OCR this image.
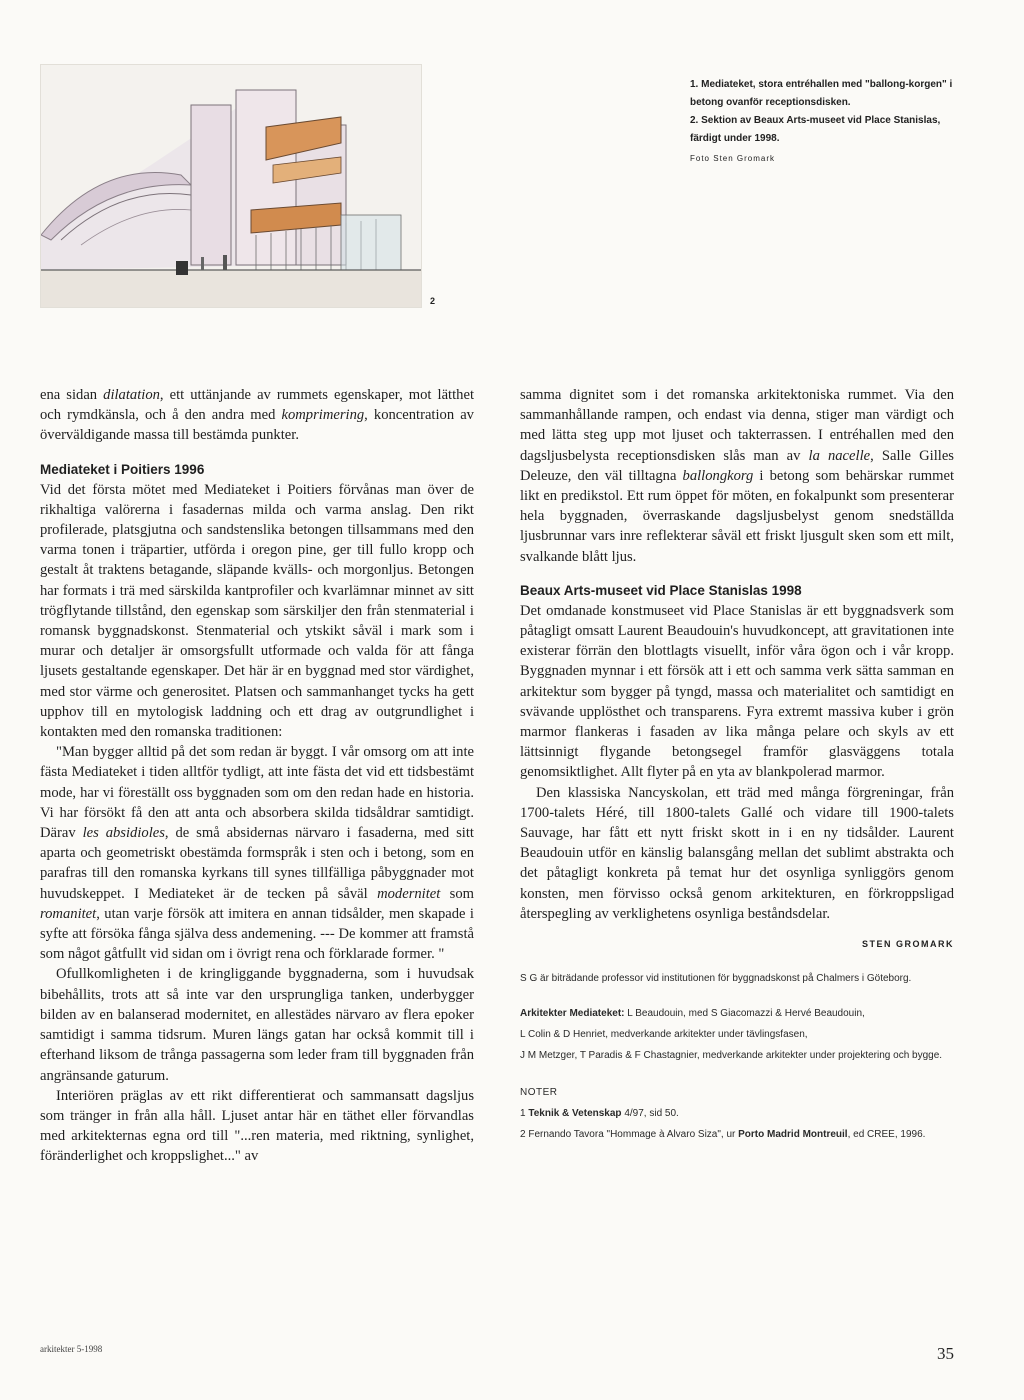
2

1. Mediateket, stora entréhallen med "ballong-korgen" i betong ovanför receptionsdisken.

2. Sektion av Beaux Arts-museet vid Place Stanislas, färdigt under 1998.

Foto Sten Gromark

ena sidan dilatation, ett uttänjande av rummets egenskaper, mot lätthet och rymdkänsla, och å den andra med komprimering, koncentration av överväldigande massa till bestämda punkter.

Mediateket i Poitiers 1996

Vid det första mötet med Mediateket i Poitiers förvånas man över de rikhaltiga valörerna i fasadernas milda och varma anslag. Den rikt profilerade, platsgjutna och sandstenslika betongen tillsammans med den varma tonen i träpartier, utförda i oregon pine, ger till fullo kropp och gestalt åt traktens betagande, släpande kvälls- och morgonljus. Betongen har formats i trä med särskilda kantprofiler och kvarlämnar minnet av sitt trögflytande tillstånd, den egenskap som särskiljer den från stenmaterial i romansk byggnadskonst. Stenmaterial och ytskikt såväl i mark som i murar och detaljer är omsorgsfullt utformade och valda för att fånga ljusets gestaltande egenskaper. Det här är en byggnad med stor värdighet, med stor värme och generositet. Platsen och sammanhanget tycks ha gett upphov till en mytologisk laddning och ett drag av outgrundlighet i kontakten med den romanska traditionen:

"Man bygger alltid på det som redan är byggt. I vår omsorg om att inte fästa Mediateket i tiden alltför tydligt, att inte fästa det vid ett tidsbestämt mode, har vi föreställt oss byggnaden som om den redan hade en historia. Vi har försökt få den att anta och absorbera skilda tidsåldrar samtidigt. Därav les absidioles, de små absidernas närvaro i fasaderna, med sitt aparta och geometriskt obestämda formspråk i sten och i betong, som en parafras till den romanska kyrkans till synes tillfälliga påbyggnader mot huvudskeppet. I Mediateket är de tecken på såväl modernitet som romanitet, utan varje försök att imitera en annan tidsålder, men skapade i syfte att försöka fånga själva dess andemening. --- De kommer att framstå som något gåtfullt vid sidan om i övrigt rena och förklarade former. "

Ofullkomligheten i de kringliggande byggnaderna, som i huvudsak bibehållits, trots att så inte var den ursprungliga tanken, underbygger bilden av en balanserad modernitet, en allestädes närvaro av flera epoker samtidigt i samma tidsrum. Muren längs gatan har också kommit till i efterhand liksom de trånga passagerna som leder fram till byggnaden från angränsande gaturum.

Interiören präglas av ett rikt differentierat och sammansatt dagsljus som tränger in från alla håll. Ljuset antar här en täthet eller förvandlas med arkitekternas egna ord till "...ren materia, med riktning, synlighet, föränderlighet och kroppslighet..." av

samma dignitet som i det romanska arkitektoniska rummet. Via den sammanhållande rampen, och endast via denna, stiger man värdigt och med lätta steg upp mot ljuset och takterrassen. I entréhallen med den dagsljusbelysta receptionsdisken slås man av la nacelle, Salle Gilles Deleuze, den väl tilltagna ballongkorg i betong som behärskar rummet likt en predikstol. Ett rum öppet för möten, en fokalpunkt som presenterar hela byggnaden, överraskande dagsljusbelyst genom snedställda ljusbrunnar vars inre reflekterar såväl ett friskt ljusgult sken som ett milt, svalkande blått ljus.

Beaux Arts-museet vid Place Stanislas 1998

Det omdanade konstmuseet vid Place Stanislas är ett byggnadsverk som påtagligt omsatt Laurent Beaudouin's huvudkoncept, att gravitationen inte existerar förrän den blottlagts visuellt, inför våra ögon och i vår kropp. Byggnaden mynnar i ett försök att i ett och samma verk sätta samman en arkitektur som bygger på tyngd, massa och materialitet och samtidigt en svävande upplösthet och transparens. Fyra extremt massiva kuber i grön marmor flankeras i fasaden av lika många pelare och skyls av ett lättsinnigt flygande betongsegel framför glasväggens totala genomsiktlighet. Allt flyter på en yta av blankpolerad marmor.

Den klassiska Nancyskolan, ett träd med många förgreningar, från 1700-talets Héré, till 1800-talets Gallé och vidare till 1900-talets Sauvage, har fått ett nytt friskt skott in i en ny tidsålder. Laurent Beaudouin utför en känslig balansgång mellan det sublimt abstrakta och det påtagligt konkreta på temat hur det osynliga synliggörs genom konsten, men förvisso också genom arkitekturen, en förkroppsligad återspegling av verklighetens osynliga beståndsdelar.

STEN GROMARK

S G är biträdande professor vid institutionen för byggnadskonst på Chalmers i Göteborg.

Arkitekter Mediateket: L Beaudouin, med S Giacomazzi & Hervé Beaudouin,
L Colin & D Henriet, medverkande arkitekter under tävlingsfasen,
J M Metzger, T Paradis & F Chastagnier, medverkande arkitekter under projektering och bygge.

NOTER

1 Teknik & Vetenskap 4/97, sid 50.

2 Fernando Tavora "Hommage à Alvaro Siza", ur Porto Madrid Montreuil, ed CREE, 1996.

arkitekter 5-1998	35
